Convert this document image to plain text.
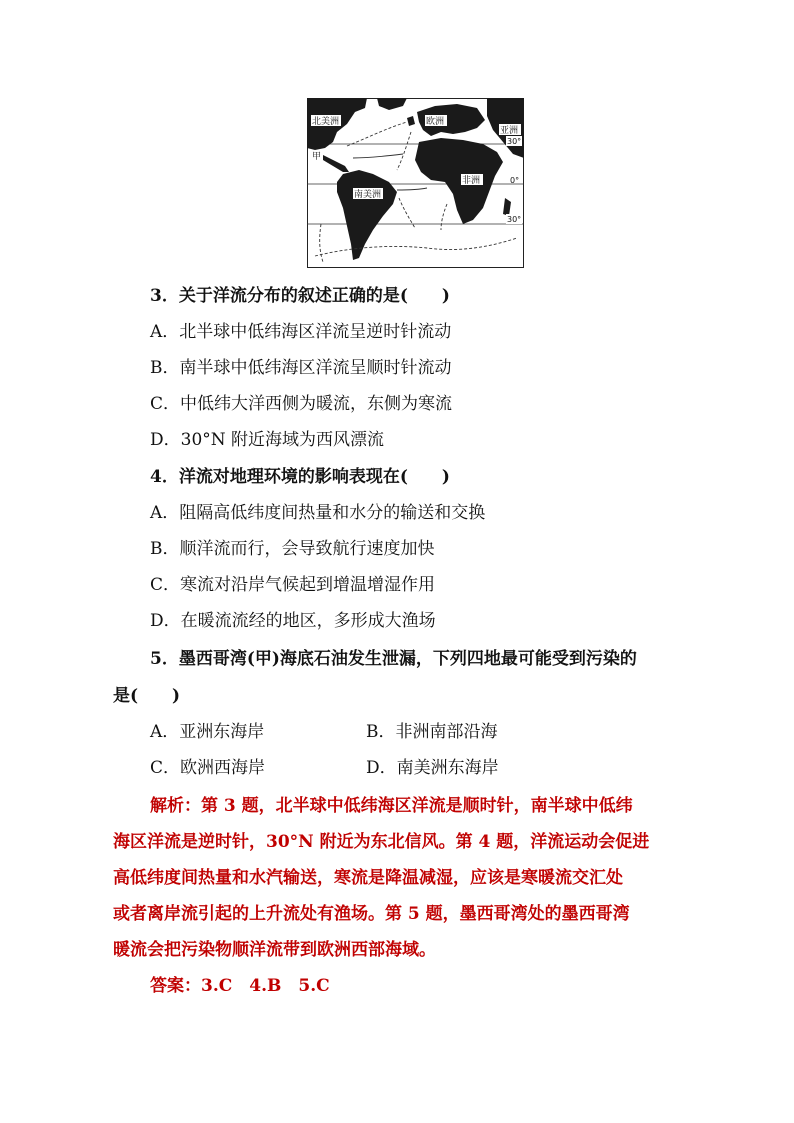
北美洲	欧洲
亚洲
非洲
南美洲
甲
30°
0°
30°
3．关于洋流分布的叙述正确的是(　　)
A．北半球中低纬海区洋流呈逆时针流动
B．南半球中低纬海区洋流呈顺时针流动
C．中低纬大洋西侧为暖流，东侧为寒流
D．30°N 附近海域为西风漂流
4．洋流对地理环境的影响表现在(　　)
A．阻隔高低纬度间热量和水分的输送和交换
B．顺洋流而行，会导致航行速度加快
C．寒流对沿岸气候起到增温增湿作用
D．在暖流流经的地区，多形成大渔场
5．墨西哥湾(甲)海底石油发生泄漏，下列四地最可能受到污染的
是(　　)
A．亚洲东海岸	B．非洲南部沿海
C．欧洲西海岸	D．南美洲东海岸
解析：第 3 题，北半球中低纬海区洋流是顺时针，南半球中低纬
海区洋流是逆时针，30°N 附近为东北信风。第 4 题，洋流运动会促进
高低纬度间热量和水汽输送，寒流是降温减湿，应该是寒暖流交汇处
或者离岸流引起的上升流处有渔场。第 5 题，墨西哥湾处的墨西哥湾
暖流会把污染物顺洋流带到欧洲西部海域。
答案：3.C　4.B　5.C
